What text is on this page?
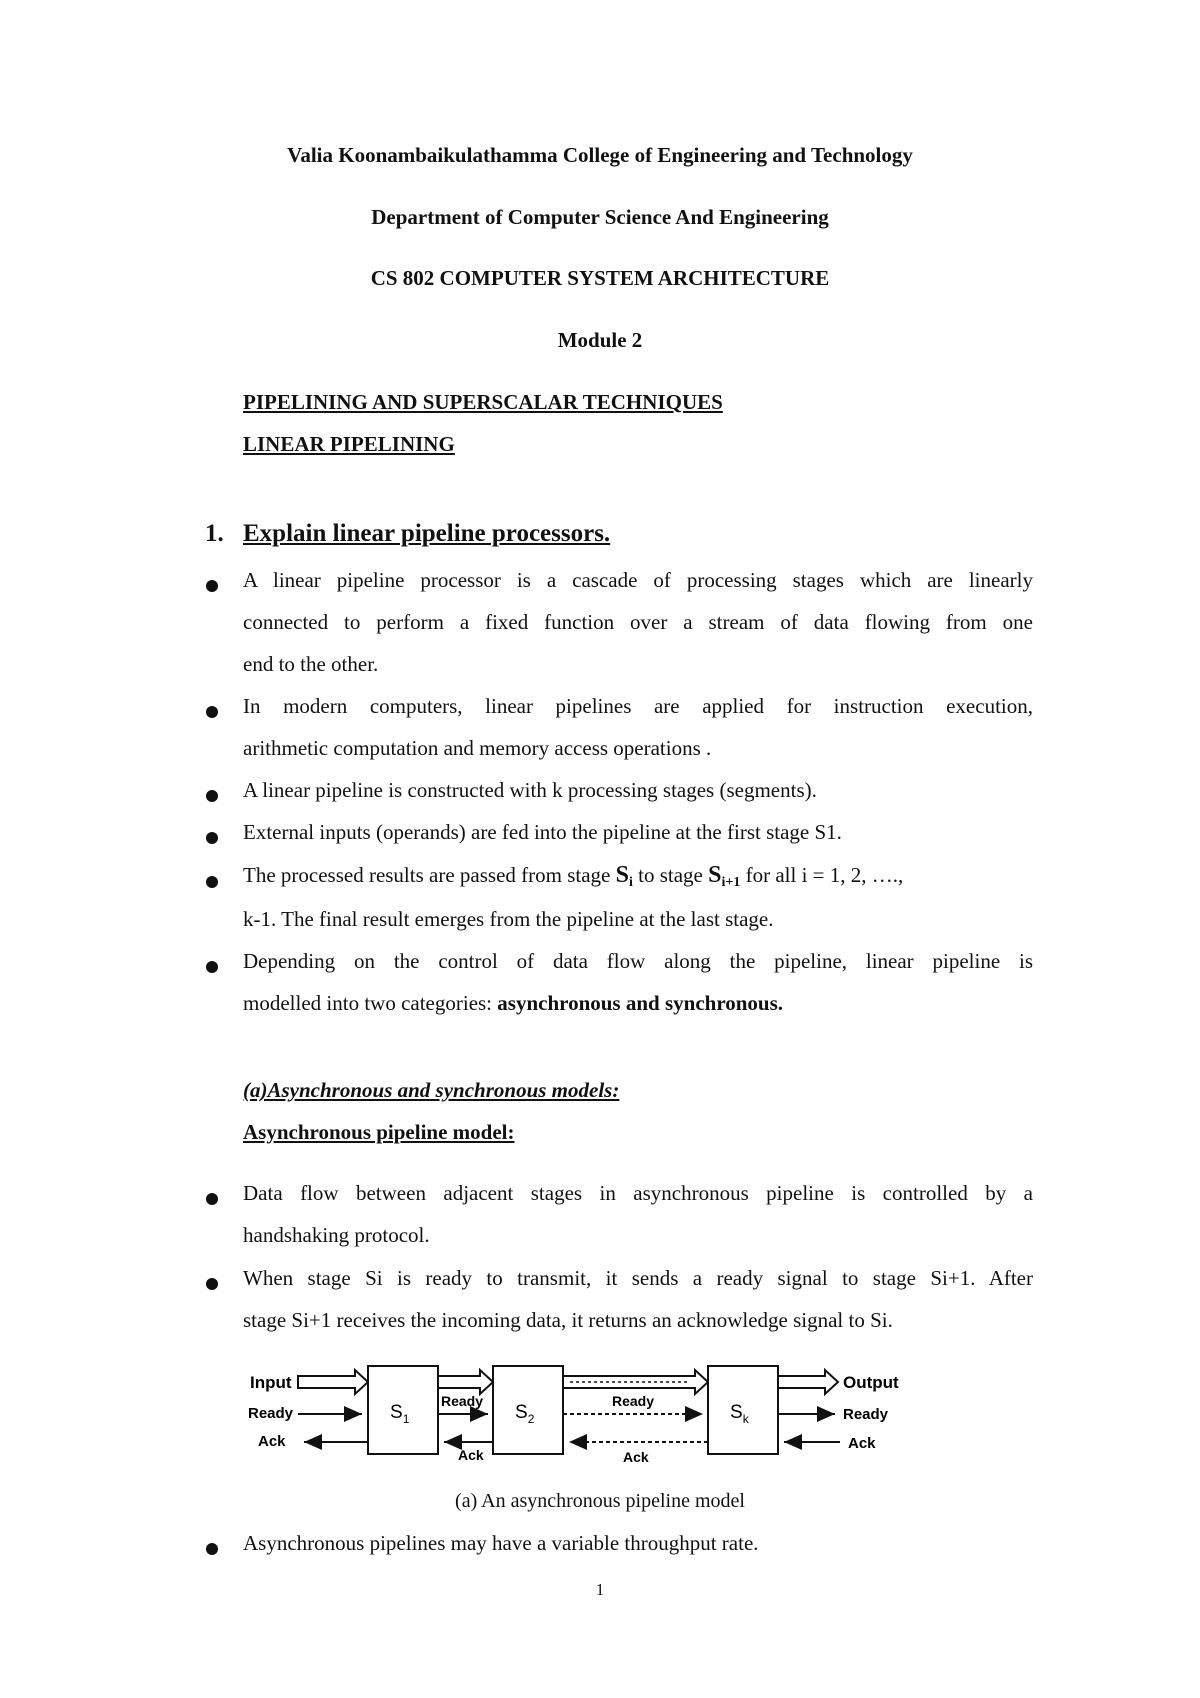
Valia Koonambaikulathamma College of Engineering and Technology
Department of Computer Science And Engineering
CS 802 COMPUTER SYSTEM ARCHITECTURE
Module 2
PIPELINING AND SUPERSCALAR TECHNIQUES
LINEAR PIPELINING
1. Explain linear pipeline processors.
A linear pipeline processor is a cascade of processing stages which are linearly
connected to perform a fixed function over a stream of data flowing from one
end to the other.
In modern computers, linear pipelines are applied for instruction execution,
arithmetic computation and memory access operations .
A linear pipeline is constructed with k processing stages (segments).
External inputs (operands) are fed into the pipeline at the first stage S1.
The processed results are passed from stage Si to stage Si+1 for all i = 1, 2, ….,
k-1. The final result emerges from the pipeline at the last stage.
Depending on the control of data flow along the pipeline, linear pipeline is
modelled into two categories: asynchronous and synchronous.
(a)Asynchronous and synchronous models:
Asynchronous pipeline model:
Data flow between adjacent stages in asynchronous pipeline is controlled by a
handshaking protocol.
When stage Si is ready to transmit, it sends a ready signal to stage Si+1. After
stage Si+1 receives the incoming data, it returns an acknowledge signal to Si.
Input
Ready
Ack
$S_1$
Ready
Ack
$S_2$
Ready
Ack
$S_k$
Output
Ready
Ack
(a) An asynchronous pipeline model
Asynchronous pipelines may have a variable throughput rate.
1
